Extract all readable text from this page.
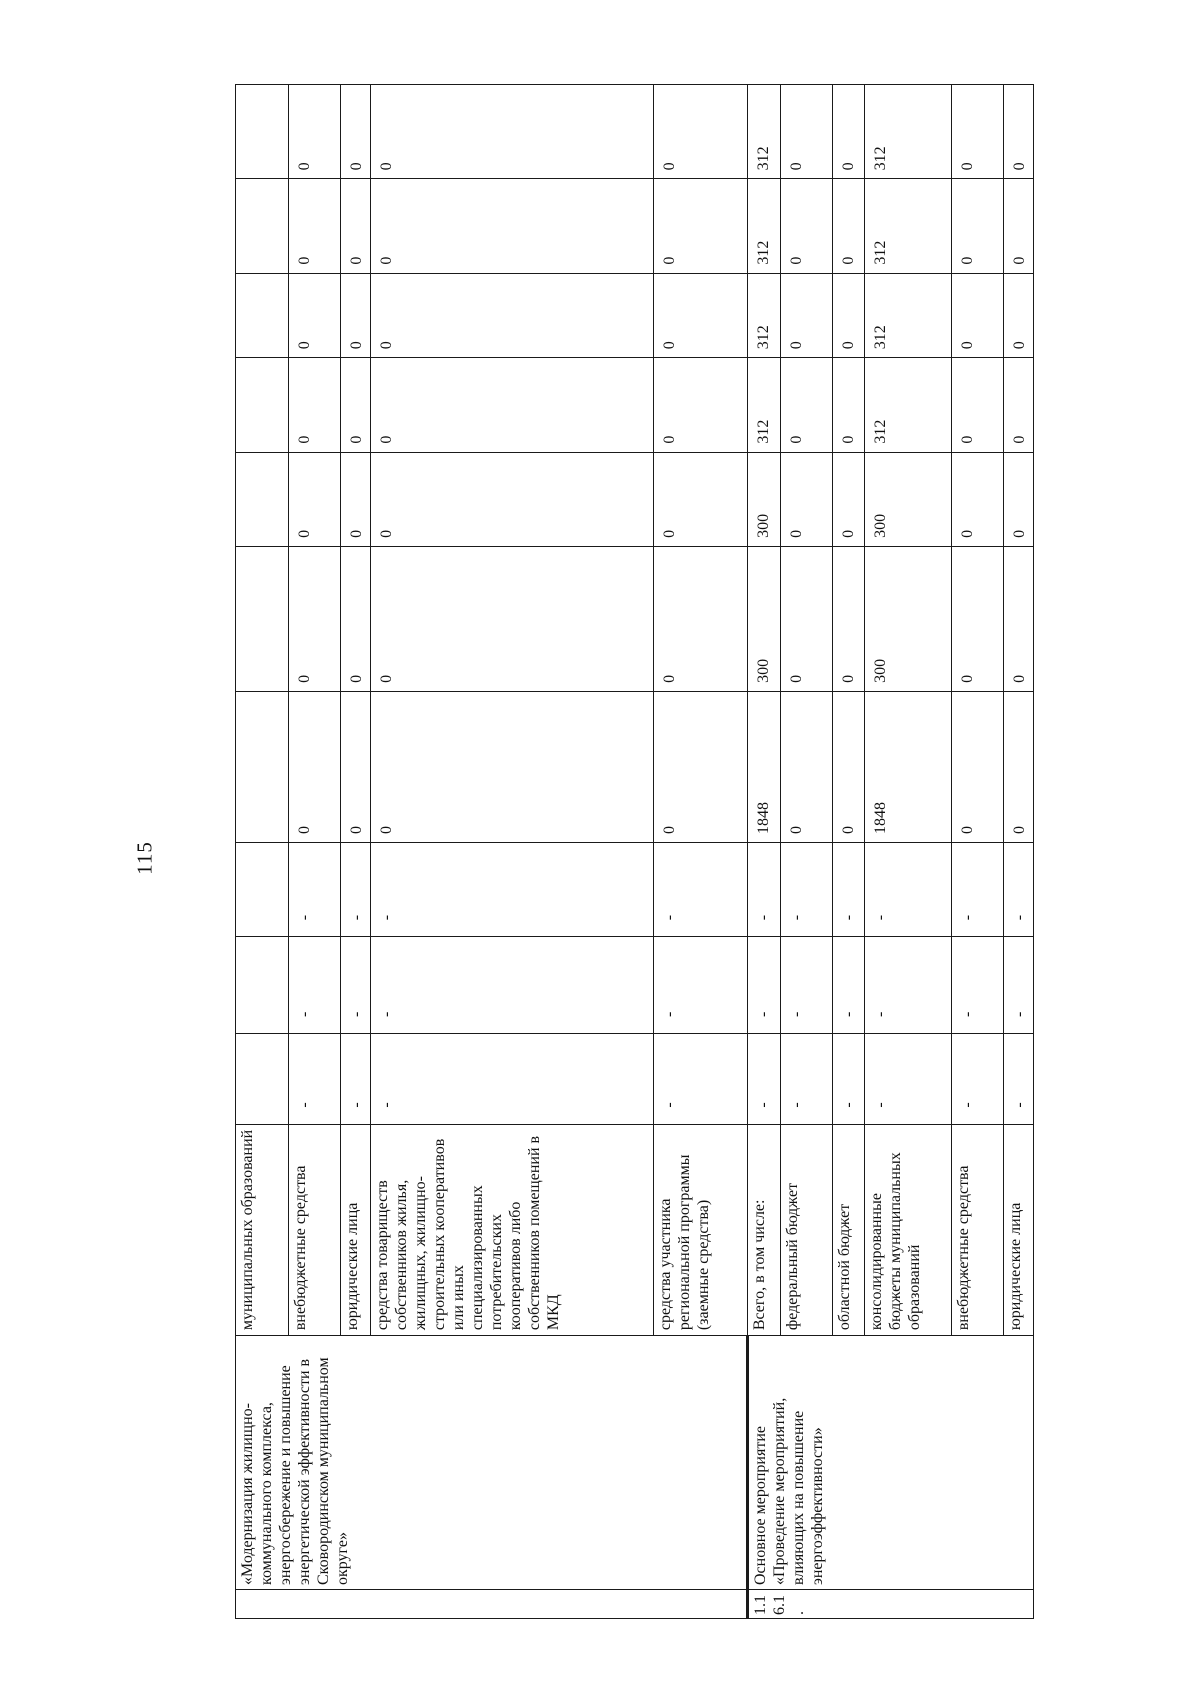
115
	«Модернизация жилищно-коммунального комплекса, энергосбережение и повышение энергетической эффективности в Сковородинском муниципальном округе»	муниципальных образований										
		внебюджетные средства	-	-	-	0	0	0	0	0	0	0
		юридические лица	-	-	-	0	0	0	0	0	0	0
		средства товариществ собственников жилья, жилищных, жилищно-строительных кооперативов или иных специализированных потребительских кооперативов либо собственников помещений в МКД	-	-	-	0	0	0	0	0	0	0
		средства участника региональной программы (заемные средства)	-	-	-	0	0	0	0	0	0	0
1.1 6.1 .	Основное мероприятие «Проведение мероприятий, влияющих на повышение энергоэффективности»	Всего, в том числе:	-	-	-	1848	300	300	312	312	312	312
		федеральный бюджет	-	-	-	0	0	0	0	0	0	0
		областной бюджет	-	-	-	0	0	0	0	0	0	0
		консолидированные бюджеты муниципальных образований	-	-	-	1848	300	300	312	312	312	312
		внебюджетные средства	-	-	-	0	0	0	0	0	0	0
		юридические лица	-	-	-	0	0	0	0	0	0	0
